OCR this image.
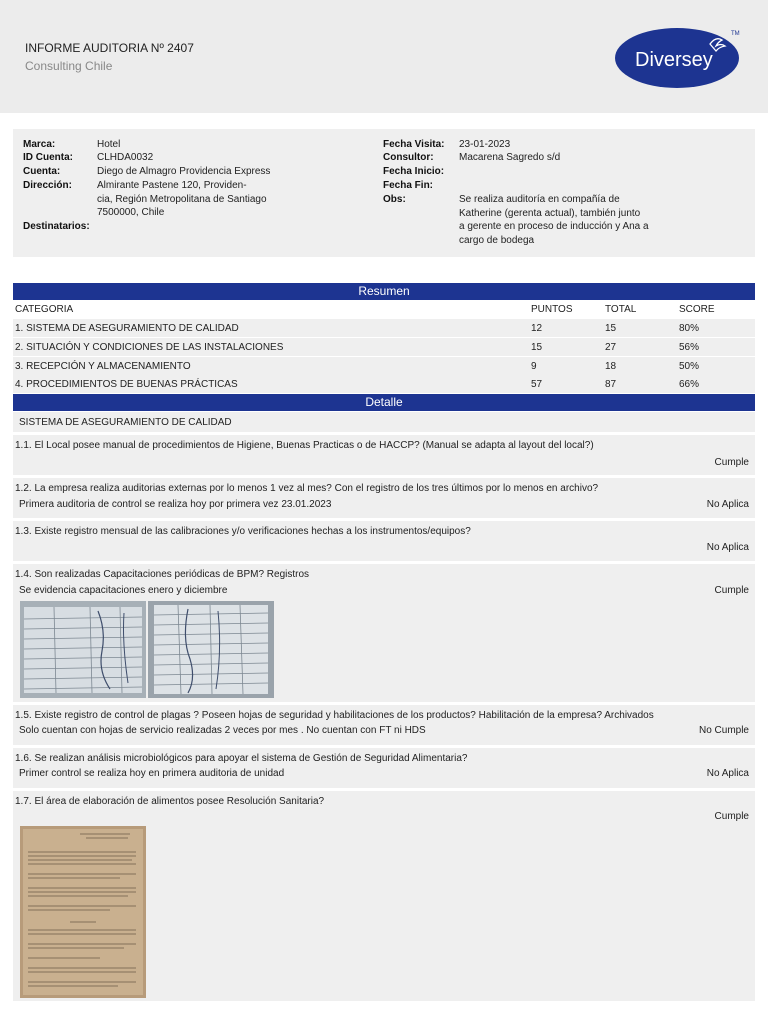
INFORME AUDITORIA Nº 2407
Consulting Chile	Diversey
TM
Marca:	Hotel
ID Cuenta: CLHDA0032
Cuenta:	Diego de Almagro Providencia Express
Dirección:	Almirante Pastene 120, Providen-
cia, Región Metropolitana de Santiago
7500000, Chile
Destinatarios:
Fecha Visita: 23-01-2023
Consultor:	Macarena Sagredo s/d
Fecha Inicio:
Fecha Fin:
Obs:	Se realiza auditoría en compañía de
Katherine (gerenta actual), también junto
a gerente en proceso de inducción y Ana a
cargo de bodega
Resumen
CATEGORIA	PUNTOS	TOTAL	SCORE
1. SISTEMA DE ASEGURAMIENTO DE CALIDAD	12	15	80%
2. SITUACIÓN Y CONDICIONES DE LAS INSTALACIONES	15	27	56%
3. RECEPCIÓN Y ALMACENAMIENTO	9	18	50%
4. PROCEDIMIENTOS DE BUENAS PRÁCTICAS	57	87	66%
Detalle
SISTEMA DE ASEGURAMIENTO DE CALIDAD
1.1. El Local posee manual de procedimientos de Higiene, Buenas Practicas o de HACCP? (Manual se adapta al layout del local?)
Cumple
1.2. La empresa realiza auditorias externas por lo menos 1 vez al mes? Con el registro de los tres últimos por lo menos en archivo?
Primera auditoria de control se realiza hoy por primera vez 23.01.2023	No Aplica
1.3. Existe registro mensual de las calibraciones y/o verificaciones hechas a los instrumentos/equipos?
No Aplica
1.4. Son realizadas Capacitaciones periódicas de BPM? Registros
Se evidencia capacitaciones enero y diciembre	Cumple
1.5. Existe registro de control de plagas ? Poseen hojas de seguridad y habilitaciones de los productos? Habilitación de la empresa? Archivados
Solo cuentan con hojas de servicio realizadas 2 veces por mes . No cuentan con FT ni HDS	No Cumple
1.6. Se realizan análisis microbiológicos para apoyar el sistema de Gestión de Seguridad Alimentaria?
Primer control se realiza hoy en primera auditoria de unidad	No Aplica
1.7. El área de elaboración de alimentos posee Resolución Sanitaria?
Cumple
